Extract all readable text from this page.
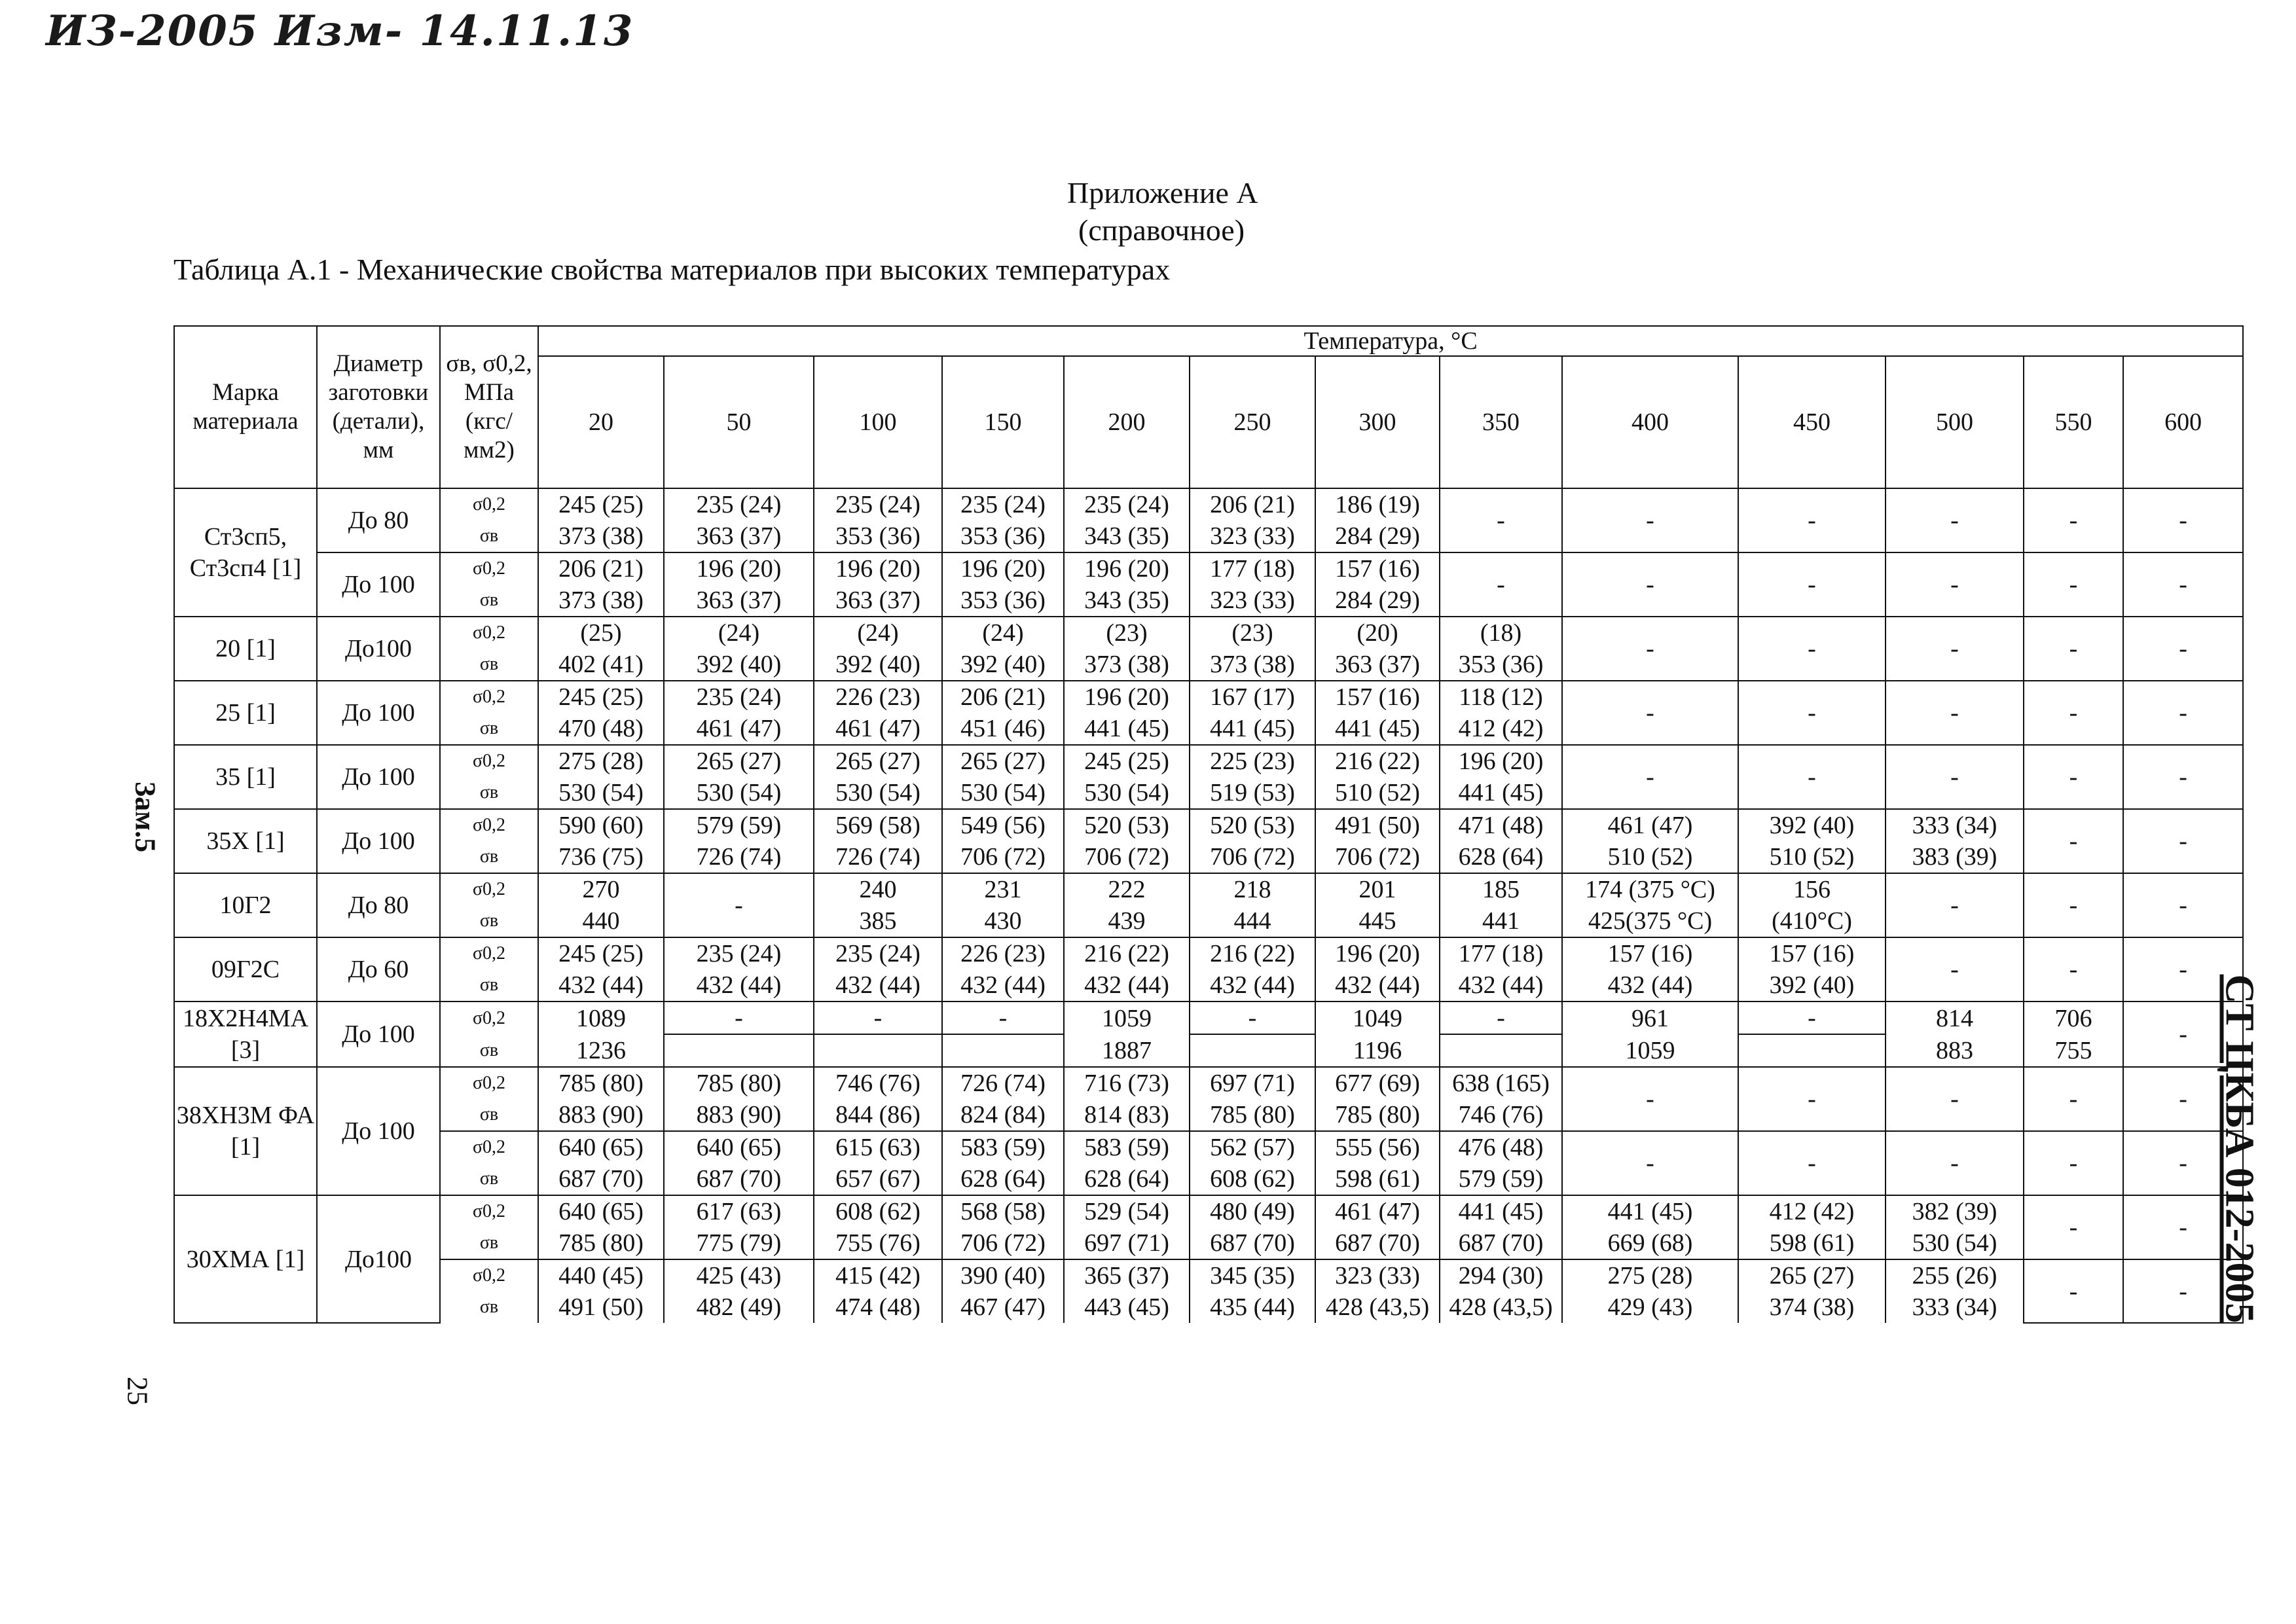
ИЗ-2005 Изм- 14.11.13
Приложение А
(справочное)
Таблица А.1 - Механические свойства материалов при высоких температурах
Зам.5
25
СТ ЦКБА 012-2005
Марка материала	Диаметр заготовки (детали), мм	σв, σ0,2,
МПа (кгс/ мм2)	Температура, °С												
			20	50	100	150	200	250	300	350	400	450	500	550	600
Ст3сп5, Ст3сп4 [1]	До 80	σ0,2	245 (25)	235 (24)	235 (24)	235 (24)	235 (24)	206 (21)	186 (19)	-	-	-	-	-	-
		σв	373 (38)	363 (37)	353 (36)	353 (36)	343 (35)	323 (33)	284 (29)						
	До 100	σ0,2	206 (21)	196 (20)	196 (20)	196 (20)	196 (20)	177 (18)	157 (16)	-	-	-	-	-	-
		σв	373 (38)	363 (37)	363 (37)	353 (36)	343 (35)	323 (33)	284 (29)						
20 [1]	До100	σ0,2	(25)	(24)	(24)	(24)	(23)	(23)	(20)	(18)	-	-	-	-	-
		σв	402 (41)	392 (40)	392 (40)	392 (40)	373 (38)	373 (38)	363 (37)	353 (36)					
25 [1]	До 100	σ0,2	245 (25)	235 (24)	226 (23)	206 (21)	196 (20)	167 (17)	157 (16)	118 (12)	-	-	-	-	-
		σв	470 (48)	461 (47)	461 (47)	451 (46)	441 (45)	441 (45)	441 (45)	412 (42)					
35 [1]	До 100	σ0,2	275 (28)	265 (27)	265 (27)	265 (27)	245 (25)	225 (23)	216 (22)	196 (20)	-	-	-	-	-
		σв	530 (54)	530 (54)	530 (54)	530 (54)	530 (54)	519 (53)	510 (52)	441 (45)					
35Х [1]	До 100	σ0,2	590 (60)	579 (59)	569 (58)	549 (56)	520 (53)	520 (53)	491 (50)	471 (48)	461 (47)	392 (40)	333 (34)	-	-
		σв	736 (75)	726 (74)	726 (74)	706 (72)	706 (72)	706 (72)	706 (72)	628 (64)	510 (52)	510 (52)	383 (39)		
10Г2	До 80	σ0,2	270	-	240	231	222	218	201	185	174 (375 °С)	156	-	-	-
		σв	440		385	430	439	444	445	441	425(375 °С)	(410°С)			
09Г2С	До 60	σ0,2	245 (25)	235 (24)	235 (24)	226 (23)	216 (22)	216 (22)	196 (20)	177 (18)	157 (16)	157 (16)	-	-	-
		σв	432 (44)	432 (44)	432 (44)	432 (44)	432 (44)	432 (44)	432 (44)	432 (44)	432 (44)	392 (40)			
18Х2Н4МА [3]	До 100	σ0,2	1089	-	-	-	1059	-	1049	-	961	-	814	706	-
		σв	1236				1887		1196		1059		883	755	
38ХН3М ФА [1]	До 100	σ0,2	785 (80)	785 (80)	746 (76)	726 (74)	716 (73)	697 (71)	677 (69)	638 (165)	-	-	-	-	-
		σв	883 (90)	883 (90)	844 (86)	824 (84)	814 (83)	785 (80)	785 (80)	746 (76)					
		σ0,2	640 (65)	640 (65)	615 (63)	583 (59)	583 (59)	562 (57)	555 (56)	476 (48)	-	-	-	-	-
		σв	687 (70)	687 (70)	657 (67)	628 (64)	628 (64)	608 (62)	598 (61)	579 (59)					
30ХМА [1]	До100	σ0,2	640 (65)	617 (63)	608 (62)	568 (58)	529 (54)	480 (49)	461 (47)	441 (45)	441 (45)	412 (42)	382 (39)	-	-
		σв	785 (80)	775 (79)	755 (76)	706 (72)	697 (71)	687 (70)	687 (70)	687 (70)	669 (68)	598 (61)	530 (54)		
		σ0,2	440 (45)	425 (43)	415 (42)	390 (40)	365 (37)	345 (35)	323 (33)	294 (30)	275 (28)	265 (27)	255 (26)	-	-
		σв	491 (50)	482 (49)	474 (48)	467 (47)	443 (45)	435 (44)	428 (43,5)	428 (43,5)	429 (43)	374 (38)	333 (34)		
